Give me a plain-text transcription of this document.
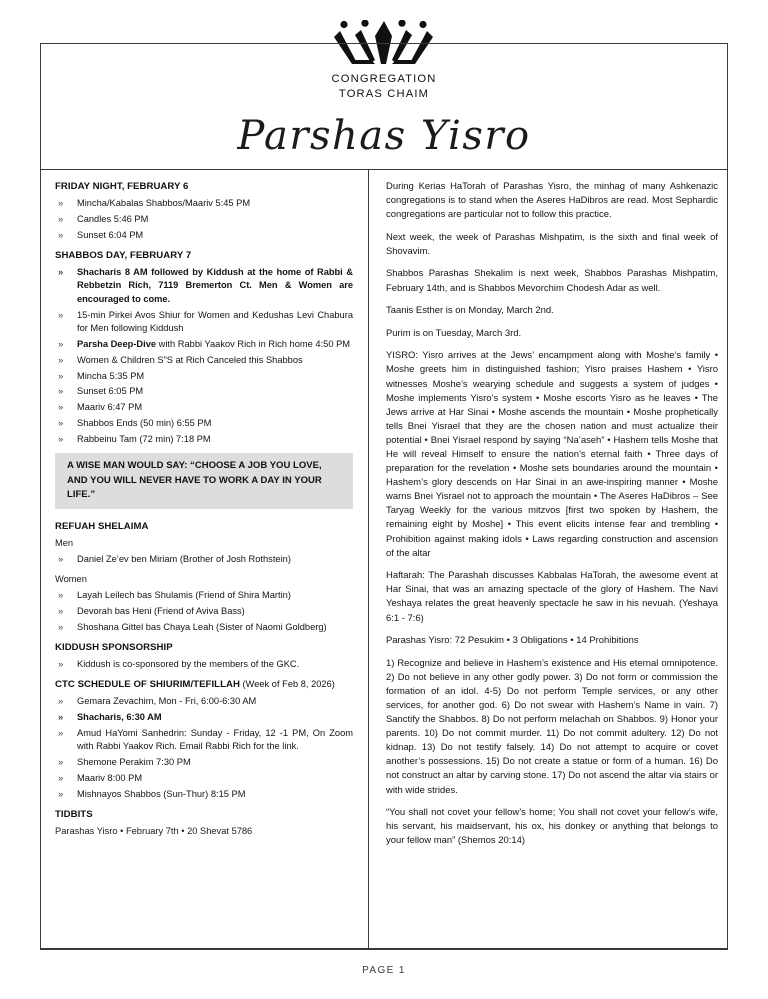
CONGREGATION
TORAS CHAIM
Parshas Yisro
FRIDAY NIGHT, FEBRUARY 6
» Mincha/Kabalas Shabbos/Maariv 5:45 PM
» Candles 5:46 PM
» Sunset 6:04 PM
SHABBOS DAY, FEBRUARY 7
» Shacharis 8 AM followed by Kiddush at the home of Rabbi & Rebbetzin Rich, 7119 Bremerton Ct. Men & Women are encouraged to come.
» 15-min Pirkei Avos Shiur for Women and Kedushas Levi Chabura for Men following Kiddush
» Parsha Deep-Dive with Rabbi Yaakov Rich in Rich home 4:50 PM
» Women & Children S”S at Rich Canceled this Shabbos
» Mincha 5:35 PM
» Sunset 6:05 PM
» Maariv 6:47 PM
» Shabbos Ends (50 min) 6:55 PM
» Rabbeinu Tam (72 min) 7:18 PM
A WISE MAN WOULD SAY: “CHOOSE A JOB YOU LOVE, AND YOU WILL NEVER HAVE TO WORK A DAY IN YOUR LIFE.”
REFUAH SHELAIMA
Men
» Daniel Ze’ev ben Miriam (Brother of Josh Rothstein)
Women
» Layah Leilech bas Shulamis (Friend of Shira Martin)
» Devorah bas Heni (Friend of Aviva Bass)
» Shoshana Gittel bas Chaya Leah (Sister of Naomi Goldberg)
KIDDUSH SPONSORSHIP
» Kiddush is co-sponsored by the members of the GKC.
CTC SCHEDULE OF SHIURIM/TEFILLAH (Week of Feb 8, 2026)
» Gemara Zevachim, Mon - Fri, 6:00-6:30 AM
» Shacharis, 6:30 AM
» Amud HaYomi Sanhedrin: Sunday - Friday, 12 -1 PM, On Zoom with Rabbi Yaakov Rich. Email Rabbi Rich for the link.
» Shemone Perakim 7:30 PM
» Maariv 8:00 PM
» Mishnayos Shabbos (Sun-Thur) 8:15 PM
TIDBITS
Parashas Yisro • February 7th • 20 Shevat 5786

During Kerias HaTorah of Parashas Yisro, the minhag of many Ashkenazic congregations is to stand when the Aseres HaDibros are read. Most Sephardic congregations are particular not to follow this practice.

Next week, the week of Parashas Mishpatim, is the sixth and final week of Shovavim.

Shabbos Parashas Shekalim is next week, Shabbos Parashas Mishpatim, February 14th, and is Shabbos Mevorchim Chodesh Adar as well.

Taanis Esther is on Monday, March 2nd.

Purim is on Tuesday, March 3rd.

YISRO: Yisro arrives at the Jews’ encampment along with Moshe’s family • Moshe greets him in distinguished fashion; Yisro praises Hashem • Yisro witnesses Moshe’s wearying schedule and suggests a system of judges • Moshe implements Yisro’s system • Moshe escorts Yisro as he leaves • The Jews arrive at Har Sinai • Moshe ascends the mountain • Moshe prophetically tells Bnei Yisrael that they are the chosen nation and must actualize their potential • Bnei Yisrael respond by saying “Na’aseh” • Hashem tells Moshe that He will reveal Himself to ensure the nation’s eternal faith • Three days of preparation for the revelation • Moshe sets boundaries around the mountain • Hashem’s glory descends on Har Sinai in an awe-inspiring manner • Moshe warns Bnei Yisrael not to approach the mountain • The Aseres HaDibros – See Taryag Weekly for the various mitzvos [first two spoken by Hashem, the remaining eight by Moshe] • This event elicits intense fear and trembling • Prohibition against making idols • Laws regarding construction and ascension of the altar

Haftarah: The Parashah discusses Kabbalas HaTorah, the awesome event at Har Sinai, that was an amazing spectacle of the glory of Hashem. The Navi Yeshaya relates the great heavenly spectacle he saw in his nevuah. (Yeshaya 6:1 - 7:6)

Parashas Yisro: 72 Pesukim • 3 Obligations • 14 Prohibitions

1) Recognize and believe in Hashem’s existence and His eternal omnipotence. 2) Do not believe in any other godly power. 3) Do not form or commission the formation of an idol. 4-5) Do not perform Temple services, or any other services, for another god. 6) Do not swear with Hashem’s Name in vain. 7) Sanctify the Shabbos. 8) Do not perform melachah on Shabbos. 9) Honor your parents. 10) Do not commit murder. 11) Do not commit adultery. 12) Do not kidnap. 13) Do not testify falsely. 14) Do not attempt to acquire or covet another’s possessions. 15) Do not create a statue or form of a human. 16) Do not construct an altar by carving stone. 17) Do not ascend the altar via stairs or with wide strides.

“You shall not covet your fellow’s home; You shall not covet your fellow’s wife, his servant, his maidservant, his ox, his donkey or anything that belongs to your fellow man” (Shemos 20:14)

PAGE 1
